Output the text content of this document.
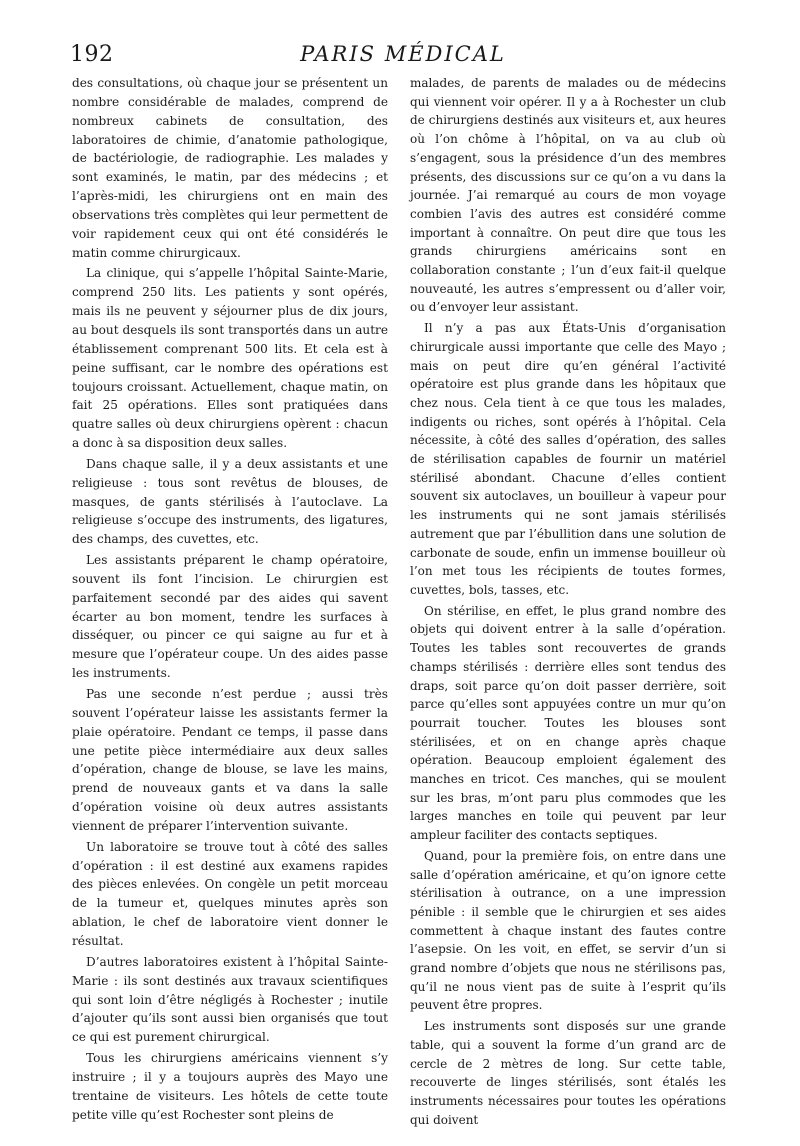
192	PARIS MÉDICAL

des consultations, où chaque jour se présentent un nombre considérable de malades, comprend de nombreux cabinets de consultation, des laboratoires de chimie, d’anatomie pathologique, de bactériologie, de radiographie. Les malades y sont examinés, le matin, par des médecins ; et l’après-midi, les chirurgiens ont en main des observations très complètes qui leur permettent de voir rapidement ceux qui ont été considérés le matin comme chirurgicaux.

La clinique, qui s’appelle l’hôpital Sainte-Marie, comprend 250 lits. Les patients y sont opérés, mais ils ne peuvent y séjourner plus de dix jours, au bout desquels ils sont transportés dans un autre établissement comprenant 500 lits. Et cela est à peine suffisant, car le nombre des opérations est toujours croissant. Actuellement, chaque matin, on fait 25 opérations. Elles sont pratiquées dans quatre salles où deux chirurgiens opèrent : chacun a donc à sa disposition deux salles.

Dans chaque salle, il y a deux assistants et une religieuse : tous sont revêtus de blouses, de masques, de gants stérilisés à l’autoclave. La religieuse s’occupe des instruments, des ligatures, des champs, des cuvettes, etc.

Les assistants préparent le champ opératoire, souvent ils font l’incision. Le chirurgien est parfaitement secondé par des aides qui savent écarter au bon moment, tendre les surfaces à disséquer, ou pincer ce qui saigne au fur et à mesure que l’opérateur coupe. Un des aides passe les instruments.

Pas une seconde n’est perdue ; aussi très souvent l’opérateur laisse les assistants fermer la plaie opératoire. Pendant ce temps, il passe dans une petite pièce intermédiaire aux deux salles d’opération, change de blouse, se lave les mains, prend de nouveaux gants et va dans la salle d’opération voisine où deux autres assistants viennent de préparer l’intervention suivante.

Un laboratoire se trouve tout à côté des salles d’opération : il est destiné aux examens rapides des pièces enlevées. On congèle un petit morceau de la tumeur et, quelques minutes après son ablation, le chef de laboratoire vient donner le résultat.

D’autres laboratoires existent à l’hôpital Sainte-Marie : ils sont destinés aux travaux scientifiques qui sont loin d’être négligés à Rochester ; inutile d’ajouter qu’ils sont aussi bien organisés que tout ce qui est purement chirurgical.

Tous les chirurgiens américains viennent s’y instruire ; il y a toujours auprès des Mayo une trentaine de visiteurs. Les hôtels de cette toute petite ville qu’est Rochester sont pleins de

malades, de parents de malades ou de médecins qui viennent voir opérer. Il y a à Rochester un club de chirurgiens destinés aux visiteurs et, aux heures où l’on chôme à l’hôpital, on va au club où s’engagent, sous la présidence d’un des membres présents, des discussions sur ce qu’on a vu dans la journée. J’ai remarqué au cours de mon voyage combien l’avis des autres est considéré comme important à connaître. On peut dire que tous les grands chirurgiens américains sont en collaboration constante ; l’un d’eux fait-il quelque nouveauté, les autres s’empressent ou d’aller voir, ou d’envoyer leur assistant.

Il n’y a pas aux États-Unis d’organisation chirurgicale aussi importante que celle des Mayo ; mais on peut dire qu’en général l’activité opératoire est plus grande dans les hôpitaux que chez nous. Cela tient à ce que tous les malades, indigents ou riches, sont opérés à l’hôpital. Cela nécessite, à côté des salles d’opération, des salles de stérilisation capables de fournir un matériel stérilisé abondant. Chacune d’elles contient souvent six autoclaves, un bouilleur à vapeur pour les instruments qui ne sont jamais stérilisés autrement que par l’ébullition dans une solution de carbonate de soude, enfin un immense bouilleur où l’on met tous les récipients de toutes formes, cuvettes, bols, tasses, etc.

On stérilise, en effet, le plus grand nombre des objets qui doivent entrer à la salle d’opération. Toutes les tables sont recouvertes de grands champs stérilisés : derrière elles sont tendus des draps, soit parce qu’on doit passer derrière, soit parce qu’elles sont appuyées contre un mur qu’on pourrait toucher. Toutes les blouses sont stérilisées, et on en change après chaque opération. Beaucoup emploient également des manches en tricot. Ces manches, qui se moulent sur les bras, m’ont paru plus commodes que les larges manches en toile qui peuvent par leur ampleur faciliter des contacts septiques.

Quand, pour la première fois, on entre dans une salle d’opération américaine, et qu’on ignore cette stérilisation à outrance, on a une impression pénible : il semble que le chirurgien et ses aides commettent à chaque instant des fautes contre l’asepsie. On les voit, en effet, se servir d’un si grand nombre d’objets que nous ne stérilisons pas, qu’il ne nous vient pas de suite à l’esprit qu’ils peuvent être propres.

Les instruments sont disposés sur une grande table, qui a souvent la forme d’un grand arc de cercle de 2 mètres de long. Sur cette table, recouverte de linges stérilisés, sont étalés les instruments nécessaires pour toutes les opérations qui doivent
